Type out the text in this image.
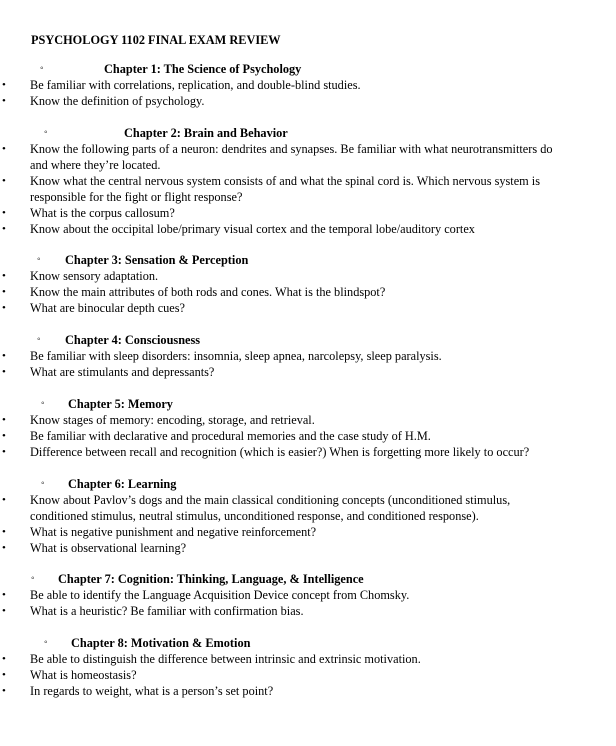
PSYCHOLOGY 1102 FINAL EXAM REVIEW
◦	Chapter 1: The Science of Psychology
• Be familiar with correlations, replication, and double-blind studies.
• Know the definition of psychology.
◦	Chapter 2: Brain and Behavior
• Know the following parts of a neuron: dendrites and synapses. Be familiar with what neurotransmitters do and where they’re located.
• Know what the central nervous system consists of and what the spinal cord is. Which nervous system is responsible for the fight or flight response?
• What is the corpus callosum?
• Know about the occipital lobe/primary visual cortex and the temporal lobe/auditory cortex
◦ Chapter 3: Sensation & Perception
• Know sensory adaptation.
• Know the main attributes of both rods and cones. What is the blindspot?
• What are binocular depth cues?
◦ Chapter 4: Consciousness
• Be familiar with sleep disorders: insomnia, sleep apnea, narcolepsy, sleep paralysis.
• What are stimulants and depressants?
◦ Chapter 5: Memory
• Know stages of memory: encoding, storage, and retrieval.
• Be familiar with declarative and procedural memories and the case study of H.M.
• Difference between recall and recognition (which is easier?) When is forgetting more likely to occur?
◦ Chapter 6: Learning
• Know about Pavlov’s dogs and the main classical conditioning concepts (unconditioned stimulus, conditioned stimulus, neutral stimulus, unconditioned response, and conditioned response).
• What is negative punishment and negative reinforcement?
• What is observational learning?
◦ Chapter 7: Cognition: Thinking, Language, & Intelligence
• Be able to identify the Language Acquisition Device concept from Chomsky.
• What is a heuristic? Be familiar with confirmation bias.
◦ Chapter 8: Motivation & Emotion
• Be able to distinguish the difference between intrinsic and extrinsic motivation.
• What is homeostasis?
• In regards to weight, what is a person’s set point?
